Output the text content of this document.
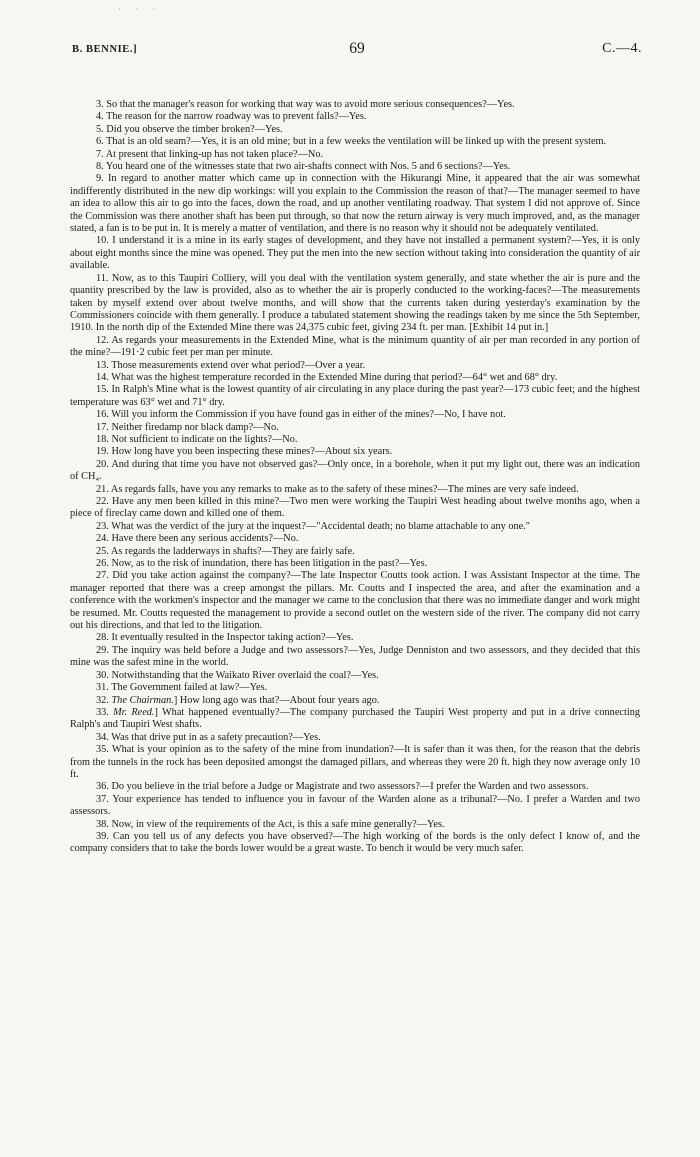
· · ·
B. BENNIE.]	69	C.—4.

3. So that the manager's reason for working that way was to avoid more serious consequences?—Yes.

4. The reason for the narrow roadway was to prevent falls?—Yes.

5. Did you observe the timber broken?—Yes.

6. That is an old seam?—Yes, it is an old mine; but in a few weeks the ventilation will be linked up with the present system.

7. At present that linking-up has not taken place?—No.

8. You heard one of the witnesses state that two air-shafts connect with Nos. 5 and 6 sections?—Yes.

9. In regard to another matter which came up in connection with the Hikurangi Mine, it appeared that the air was somewhat indifferently distributed in the new dip workings: will you explain to the Commission the reason of that?—The manager seemed to have an idea to allow this air to go into the faces, down the road, and up another ventilating roadway. That system I did not approve of. Since the Commission was there another shaft has been put through, so that now the return airway is very much improved, and, as the manager stated, a fan is to be put in. It is merely a matter of ventilation, and there is no reason why it should not be adequately ventilated.

10. I understand it is a mine in its early stages of development, and they have not installed a permanent system?—Yes, it is only about eight months since the mine was opened. They put the men into the new section without taking into consideration the quantity of air available.

11. Now, as to this Taupiri Colliery, will you deal with the ventilation system generally, and state whether the air is pure and the quantity prescribed by the law is provided, also as to whether the air is properly conducted to the working-faces?—The measurements taken by myself extend over about twelve months, and will show that the currents taken during yesterday's examination by the Commissioners coincide with them generally. I produce a tabulated statement showing the readings taken by me since the 5th September, 1910. In the north dip of the Extended Mine there was 24,375 cubic feet, giving 234 ft. per man. [Exhibit 14 put in.]

12. As regards your measurements in the Extended Mine, what is the minimum quantity of air per man recorded in any portion of the mine?—191·2 cubic feet per man per minute.

13. Those measurements extend over what period?—Over a year.

14. What was the highest temperature recorded in the Extended Mine during that period?—64° wet and 68° dry.

15. In Ralph's Mine what is the lowest quantity of air circulating in any place during the past year?—173 cubic feet; and the highest temperature was 63° wet and 71° dry.

16. Will you inform the Commission if you have found gas in either of the mines?—No, I have not.

17. Neither firedamp nor black damp?—No.

18. Not sufficient to indicate on the lights?—No.

19. How long have you been inspecting these mines?—About six years.

20. And during that time you have not observed gas?—Only once, in a borehole, when it put my light out, there was an indication of CH₄.

21. As regards falls, have you any remarks to make as to the safety of these mines?—The mines are very safe indeed.

22. Have any men been killed in this mine?—Two men were working the Taupiri West heading about twelve months ago, when a piece of fireclay came down and killed one of them.

23. What was the verdict of the jury at the inquest?—"Accidental death; no blame attachable to any one."

24. Have there been any serious accidents?—No.

25. As regards the ladderways in shafts?—They are fairly safe.

26. Now, as to the risk of inundation, there has been litigation in the past?—Yes.

27. Did you take action against the company?—The late Inspector Coutts took action. I was Assistant Inspector at the time. The manager reported that there was a creep amongst the pillars. Mr. Coutts and I inspected the area, and after the examination and a conference with the workmen's inspector and the manager we came to the conclusion that there was no immediate danger and work might be resumed. Mr. Coutts requested the management to provide a second outlet on the western side of the river. The company did not carry out his directions, and that led to the litigation.

28. It eventually resulted in the Inspector taking action?—Yes.

29. The inquiry was held before a Judge and two assessors?—Yes, Judge Denniston and two assessors, and they decided that this mine was the safest mine in the world.

30. Notwithstanding that the Waikato River overlaid the coal?—Yes.

31. The Government failed at law?—Yes.

32. The Chairman.] How long ago was that?—About four years ago.

33. Mr. Reed.] What happened eventually?—The company purchased the Taupiri West property and put in a drive connecting Ralph's and Taupiri West shafts.

34. Was that drive put in as a safety precaution?—Yes.

35. What is your opinion as to the safety of the mine from inundation?—It is safer than it was then, for the reason that the debris from the tunnels in the rock has been deposited amongst the damaged pillars, and whereas they were 20 ft. high they now average only 10 ft.

36. Do you believe in the trial before a Judge or Magistrate and two assessors?—I prefer the Warden and two assessors.

37. Your experience has tended to influence you in favour of the Warden alone as a tribunal?—No. I prefer a Warden and two assessors.

38. Now, in view of the requirements of the Act, is this a safe mine generally?—Yes.

39. Can you tell us of any defects you have observed?—The high working of the bords is the only defect I know of, and the company considers that to take the bords lower would be a great waste. To bench it would be very much safer.
